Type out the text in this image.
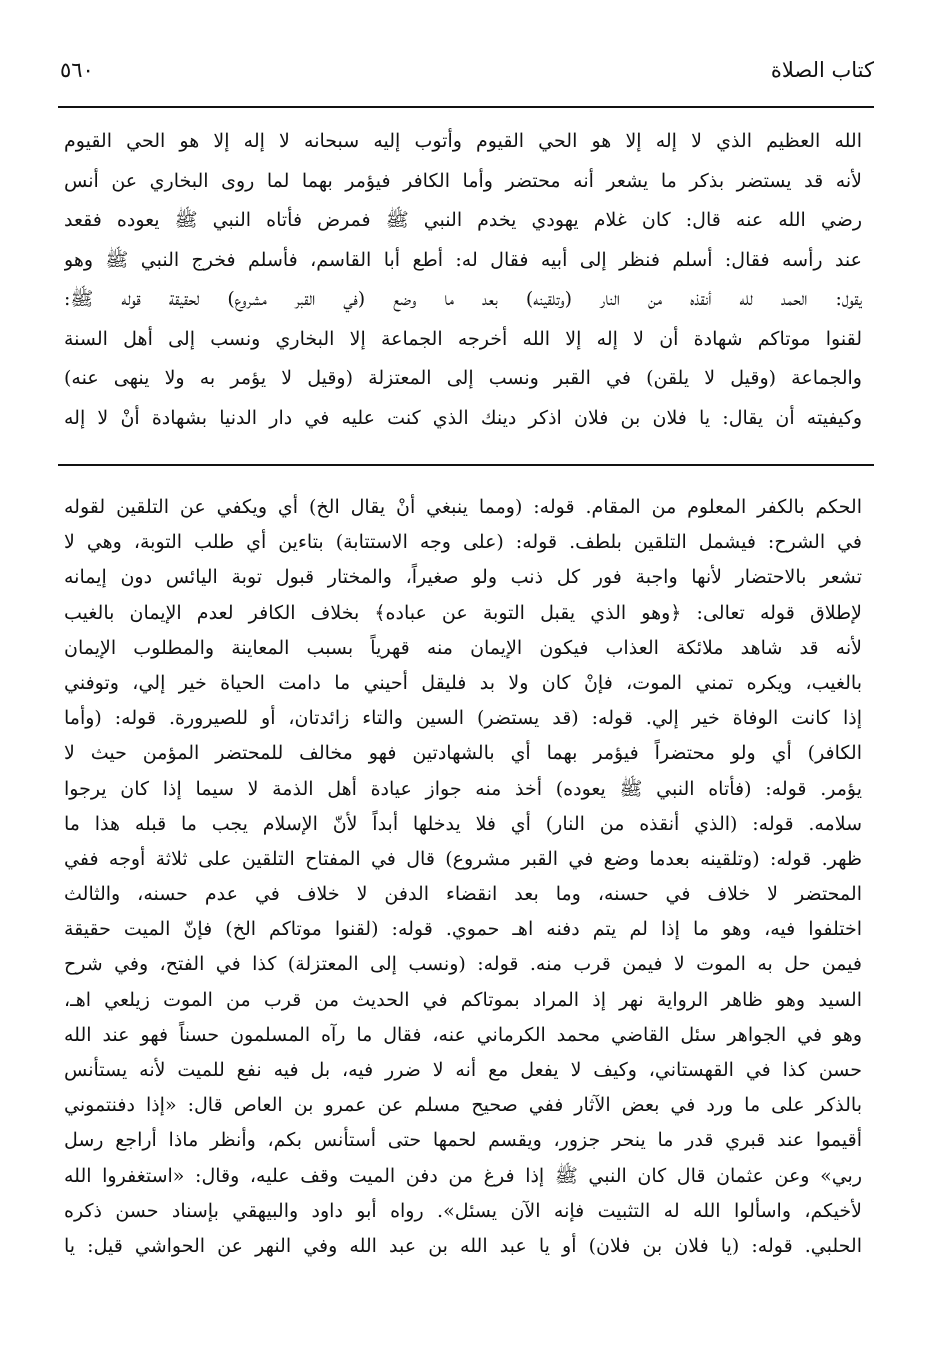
كتاب الصلاة
٥٦٠
الله العظيم الذي لا إله إلا هو الحي القيوم وأتوب إليه سبحانه لا إله إلا هو الحي القيوم
لأنه قد يستضر بذكر ما يشعر أنه محتضر وأما الكافر فيؤمر بهما لما روى البخاري عن أنس
رضي الله عنه قال: كان غلام يهودي يخدم النبي ﷺ فمرض فأتاه النبي ﷺ يعوده فقعد
عند رأسه فقال: أسلم فنظر إلى أبيه فقال له: أطع أبا القاسم، فأسلم فخرج النبي ﷺ وهو
يقول: الحمد لله أنقذه من النار (وتلقينه) بعد ما وضع (في القبر مشروع) لحقيقة قوله ﷺ:
لقنوا موتاكم شهادة أن لا إله إلا الله أخرجه الجماعة إلا البخاري ونسب إلى أهل السنة
والجماعة (وقيل لا يلقن) في القبر ونسب إلى المعتزلة (وقيل لا يؤمر به ولا ينهى عنه)
وكيفيته أن يقال: يا فلان بن فلان اذكر دينك الذي كنت عليه في دار الدنيا بشهادة أنْ لا إله
الحكم بالكفر المعلوم من المقام. قوله: (ومما ينبغي أنْ يقال الخ) أي ويكفي عن التلقين لقوله
في الشرح: فيشمل التلقين بلطف. قوله: (على وجه الاستتابة) بتاءين أي طلب التوبة، وهي لا
تشعر بالاحتضار لأنها واجبة فور كل ذنب ولو صغيراً، والمختار قبول توبة اليائس دون إيمانه
لإطلاق قوله تعالى: ﴿وهو الذي يقبل التوبة عن عباده﴾ بخلاف الكافر لعدم الإيمان بالغيب
لأنه قد شاهد ملائكة العذاب فيكون الإيمان منه قهرياً بسبب المعاينة والمطلوب الإيمان
بالغيب، ويكره تمني الموت، فإنْ كان ولا بد فليقل أحيني ما دامت الحياة خير إلي، وتوفني
إذا كانت الوفاة خير إلي. قوله: (قد يستضر) السين والتاء زائدتان، أو للصيرورة. قوله: (وأما
الكافر) أي ولو محتضراً فيؤمر بهما أي بالشهادتين فهو مخالف للمحتضر المؤمن حيث لا
يؤمر. قوله: (فأتاه النبي ﷺ يعوده) أخذ منه جواز عيادة أهل الذمة لا سيما إذا كان يرجوا
سلامه. قوله: (الذي أنقذه من النار) أي فلا يدخلها أبداً لأنّ الإسلام يجب ما قبله هذا ما
ظهر. قوله: (وتلقينه بعدما وضع في القبر مشروع) قال في المفتاح التلقين على ثلاثة أوجه ففي
المحتضر لا خلاف في حسنه، وما بعد انقضاء الدفن لا خلاف في عدم حسنه، والثالث
اختلفوا فيه، وهو ما إذا لم يتم دفنه اهـ حموي. قوله: (لقنوا موتاكم الخ) فإنّ الميت حقيقة
فيمن حل به الموت لا فيمن قرب منه. قوله: (ونسب إلى المعتزلة) كذا في الفتح، وفي شرح
السيد وهو ظاهر الرواية نهر إذ المراد بموتاكم في الحديث من قرب من الموت زيلعي اهـ،
وهو في الجواهر سئل القاضي محمد الكرماني عنه، فقال ما رآه المسلمون حسناً فهو عند الله
حسن كذا في القهستاني، وكيف لا يفعل مع أنه لا ضرر فيه، بل فيه نفع للميت لأنه يستأنس
بالذكر على ما ورد في بعض الآثار ففي صحيح مسلم عن عمرو بن العاص قال: «إذا دفنتموني
أقيموا عند قبري قدر ما ينحر جزور، ويقسم لحمها حتى أستأنس بكم، وأنظر ماذا أراجع رسل
ربي» وعن عثمان قال كان النبي ﷺ إذا فرغ من دفن الميت وقف عليه، وقال: «استغفروا الله
لأخيكم، واسألوا الله له التثبيت فإنه الآن يسئل». رواه أبو داود والبيهقي بإسناد حسن ذكره
الحلبي. قوله: (يا فلان بن فلان) أو يا عبد الله بن عبد الله وفي النهر عن الحواشي قيل: يا
